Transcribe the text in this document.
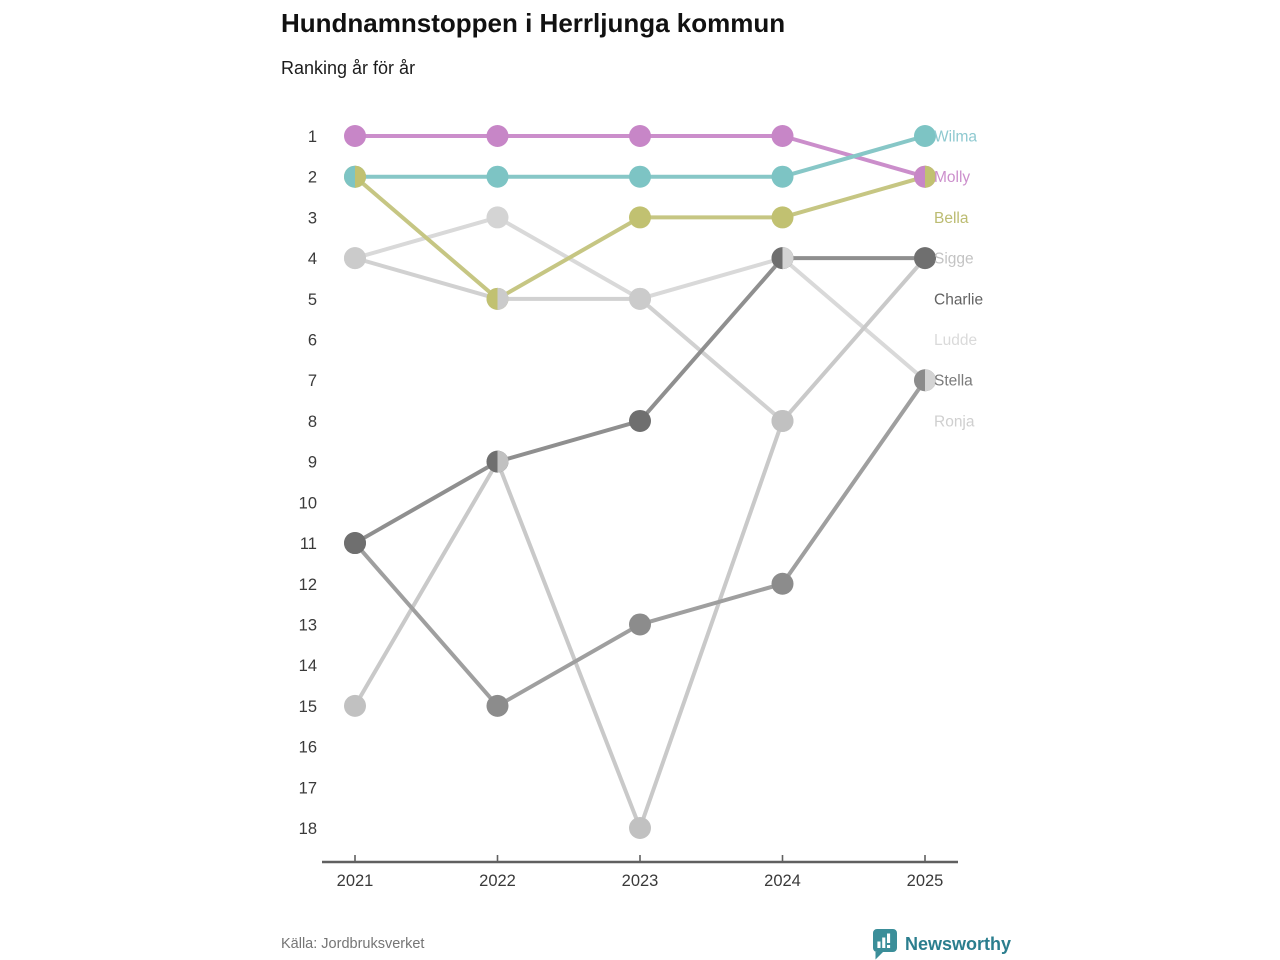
Hundnamnstoppen i Herrljunga kommun
Ranking år för år
2021	2022	2023	2024	2025
1
2
3
4
5
6
7
8
9
10
11
12
13
14
15
16
17
18
Ludde
Ronja
Sigge
Stella
Charlie
Bella
Molly
Wilma
Källa: Jordbruksverket	Newsworthy
